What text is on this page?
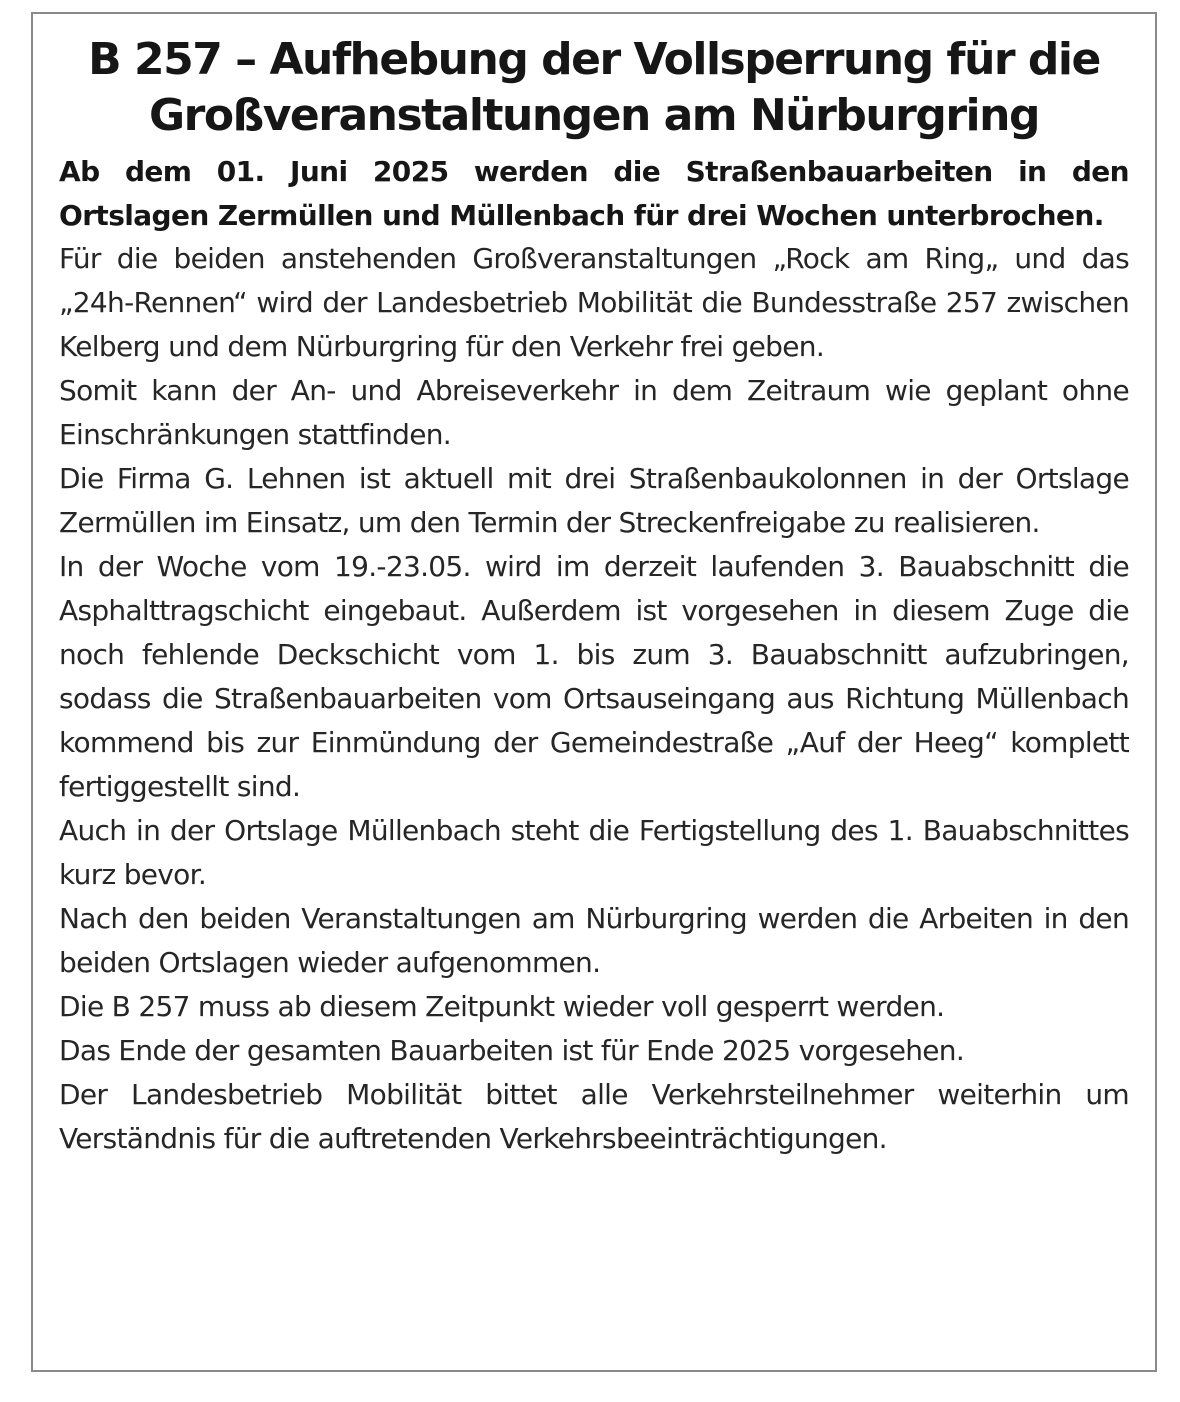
B 257 – Aufhebung der Vollsperrung für die Großveranstaltungen am Nürburgring

Ab dem 01. Juni 2025 werden die Straßenbauarbeiten in den Ortslagen Zermüllen und Müllenbach für drei Wochen unterbrochen.

Für die beiden anstehenden Großveranstaltungen „Rock am Ring„ und das „24h-Rennen“ wird der Landesbetrieb Mobilität die Bundesstraße 257 zwischen Kelberg und dem Nürburgring für den Verkehr frei geben.

Somit kann der An- und Abreiseverkehr in dem Zeitraum wie geplant ohne Einschränkungen stattfinden.

Die Firma G. Lehnen ist aktuell mit drei Straßenbaukolonnen in der Ortslage Zermüllen im Einsatz, um den Termin der Streckenfreigabe zu realisieren.

In der Woche vom 19.-23.05. wird im derzeit laufenden 3. Bauabschnitt die Asphalttragschicht eingebaut. Außerdem ist vorgesehen in diesem Zuge die noch fehlende Deckschicht vom 1. bis zum 3. Bauabschnitt aufzubringen, sodass die Straßenbauarbeiten vom Ortsauseingang aus Richtung Müllenbach kommend bis zur Einmündung der Gemeindestraße „Auf der Heeg“ komplett fertiggestellt sind.

Auch in der Ortslage Müllenbach steht die Fertigstellung des 1. Bauabschnittes kurz bevor.

Nach den beiden Veranstaltungen am Nürburgring werden die Arbeiten in den beiden Ortslagen wieder aufgenommen.

Die B 257 muss ab diesem Zeitpunkt wieder voll gesperrt werden.

Das Ende der gesamten Bauarbeiten ist für Ende 2025 vorgesehen.

Der Landesbetrieb Mobilität bittet alle Verkehrsteilnehmer weiterhin um Verständnis für die auftretenden Verkehrsbeeinträchtigungen.
